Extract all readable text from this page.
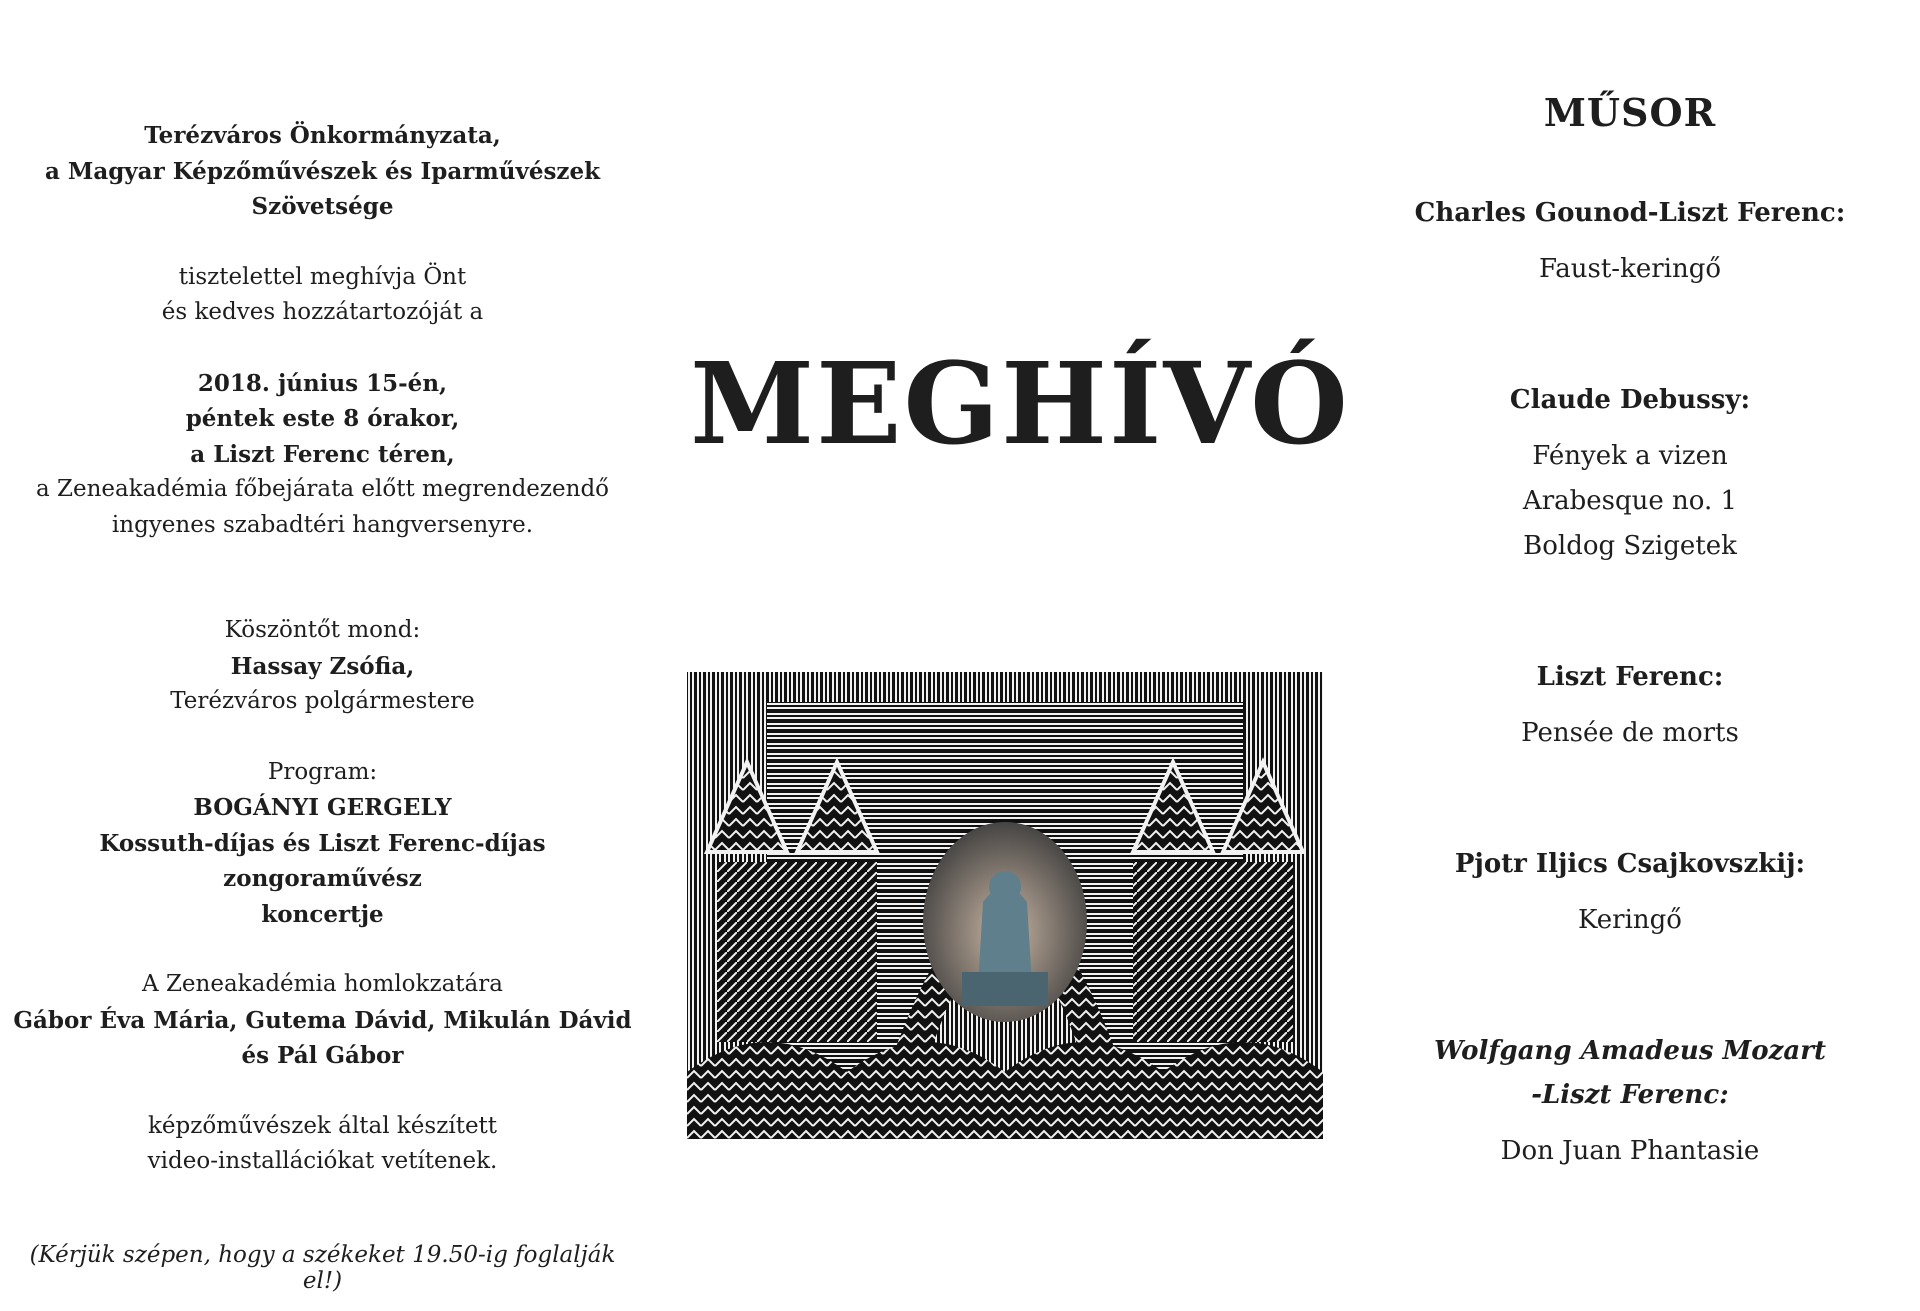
Terézváros Önkormányzata,

a Magyar Képzőművészek és Iparművészek Szövetsége

tisztelettel meghívja Önt

és kedves hozzátartozóját a

2018. június 15-én,

péntek este 8 órakor,

a Liszt Ferenc téren,

a Zeneakadémia főbejárata előtt megrendezendő

ingyenes szabadtéri hangversenyre.

Köszöntőt mond:

Hassay Zsófia,

Terézváros polgármestere

Program:

BOGÁNYI GERGELY

Kossuth-díjas és Liszt Ferenc-díjas zongoraművész

koncertje

A Zeneakadémia homlokzatára

Gábor Éva Mária, Gutema Dávid, Mikulán Dávid

és Pál Gábor

képzőművészek által készített

video-installációkat vetítenek.

(Kérjük szépen, hogy a székeket 19.50-ig foglalják el!)
MEGHÍVÓ

MŰSOR

Charles Gounod-Liszt Ferenc:

Faust-keringő

Claude Debussy:

Fények a vizen

Arabesque no. 1

Boldog Szigetek

Liszt Ferenc:

Pensée de morts

Pjotr Iljics Csajkovszkij:

Keringő

Wolfgang Amadeus Mozart

-Liszt Ferenc:

Don Juan Phantasie
